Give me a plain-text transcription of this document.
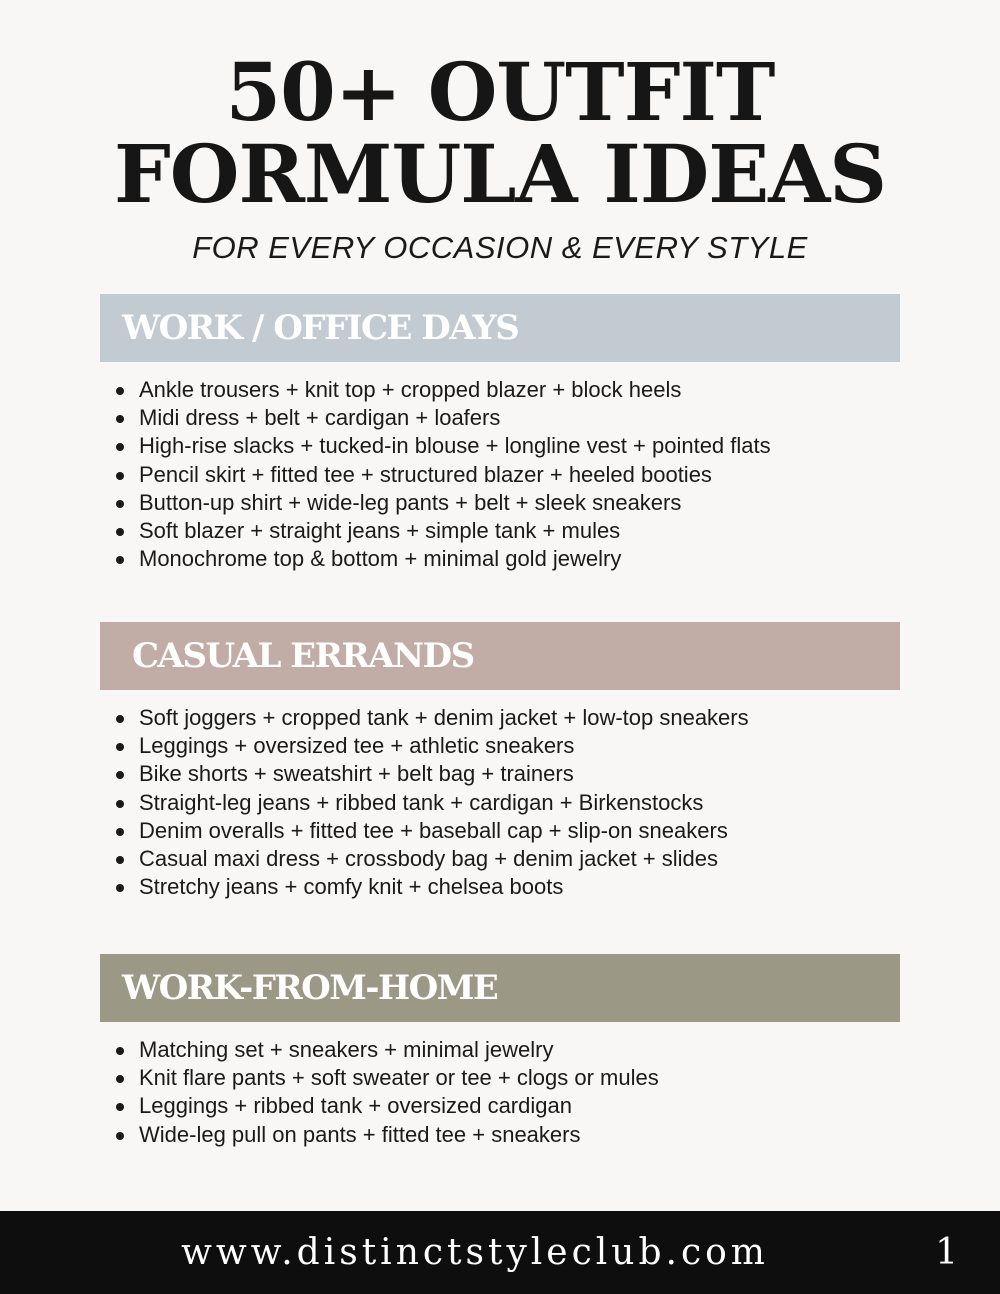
50+ OUTFIT
FORMULA IDEAS
FOR EVERY OCCASION & EVERY STYLE
WORK / OFFICE DAYS
Ankle trousers + knit top + cropped blazer + block heels
Midi dress + belt + cardigan + loafers
High-rise slacks + tucked-in blouse + longline vest + pointed flats
Pencil skirt + fitted tee + structured blazer + heeled booties
Button-up shirt + wide-leg pants + belt + sleek sneakers
Soft blazer + straight jeans + simple tank + mules
Monochrome top & bottom + minimal gold jewelry
CASUAL ERRANDS
Soft joggers + cropped tank + denim jacket + low-top sneakers
Leggings + oversized tee + athletic sneakers
Bike shorts + sweatshirt + belt bag + trainers
Straight-leg jeans + ribbed tank + cardigan + Birkenstocks
Denim overalls + fitted tee + baseball cap + slip-on sneakers
Casual maxi dress + crossbody bag + denim jacket + slides
Stretchy jeans + comfy knit + chelsea boots
WORK-FROM-HOME
Matching set + sneakers + minimal jewelry
Knit flare pants + soft sweater or tee + clogs or mules
Leggings + ribbed tank + oversized cardigan
Wide-leg pull on pants + fitted tee + sneakers
www.distinctstyleclub.com	1
